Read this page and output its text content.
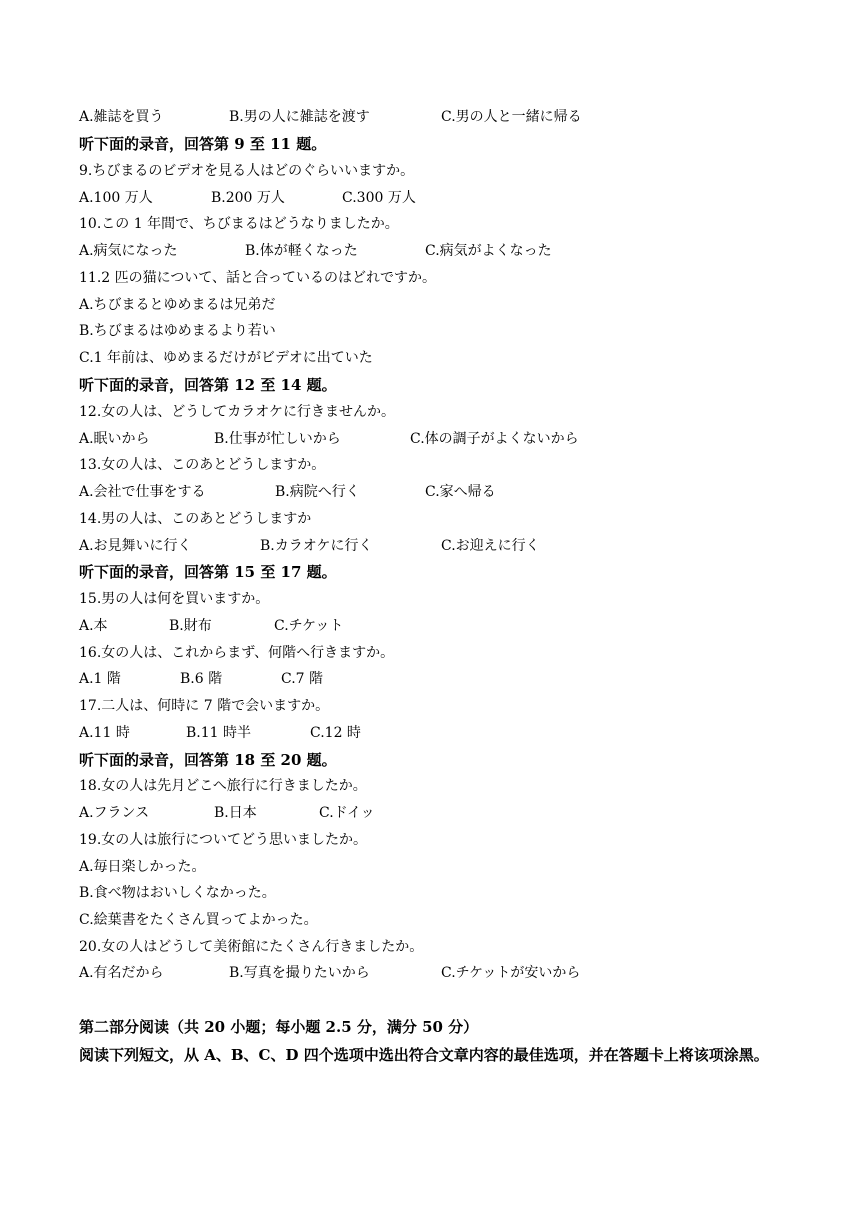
A.雑誌を買う	B.男の人に雑誌を渡す	C.男の人と一緒に帰る
听下面的录音，回答第 9 至 11 题。
9.ちびまるのビデオを見る人はどのぐらいいますか。
A.100 万人	B.200 万人	C.300 万人
10.この 1 年間で、ちびまるはどうなりましたか。
A.病気になった	B.体が軽くなった	C.病気がよくなった
11.2 匹の猫について、話と合っているのはどれですか。
A.ちびまるとゆめまるは兄弟だ
B.ちびまるはゆめまるより若い
C.1 年前は、ゆめまるだけがビデオに出ていた
听下面的录音，回答第 12 至 14 题。
12.女の人は、どうしてカラオケに行きませんか。
A.眠いから	B.仕事が忙しいから	C.体の調子がよくないから
13.女の人は、このあとどうしますか。
A.会社で仕事をする	B.病院へ行く	C.家へ帰る
14.男の人は、このあとどうしますか
A.お見舞いに行く	B.カラオケに行く	C.お迎えに行く
听下面的录音，回答第 15 至 17 题。
15.男の人は何を買いますか。
A.本	B.財布	C.チケット
16.女の人は、これからまず、何階へ行きますか。
A.1 階	B.6 階	C.7 階
17.二人は、何時に 7 階で会いますか。
A.11 時	B.11 時半	C.12 時
听下面的录音，回答第 18 至 20 题。
18.女の人は先月どこへ旅行に行きましたか。
A.フランス	B.日本	C.ドイッ
19.女の人は旅行についてどう思いましたか。
A.毎日楽しかった。
B.食べ物はおいしくなかった。
C.絵葉書をたくさん買ってよかった。
20.女の人はどうして美術館にたくさん行きましたか。
A.有名だから	B.写真を撮りたいから	C.チケットが安いから
第二部分阅读（共 20 小题；每小题 2.5 分，满分 50 分）
阅读下列短文，从 A、B、C、D 四个选项中选出符合文章内容的最佳选项，并在答题卡上将该项涂黑。
